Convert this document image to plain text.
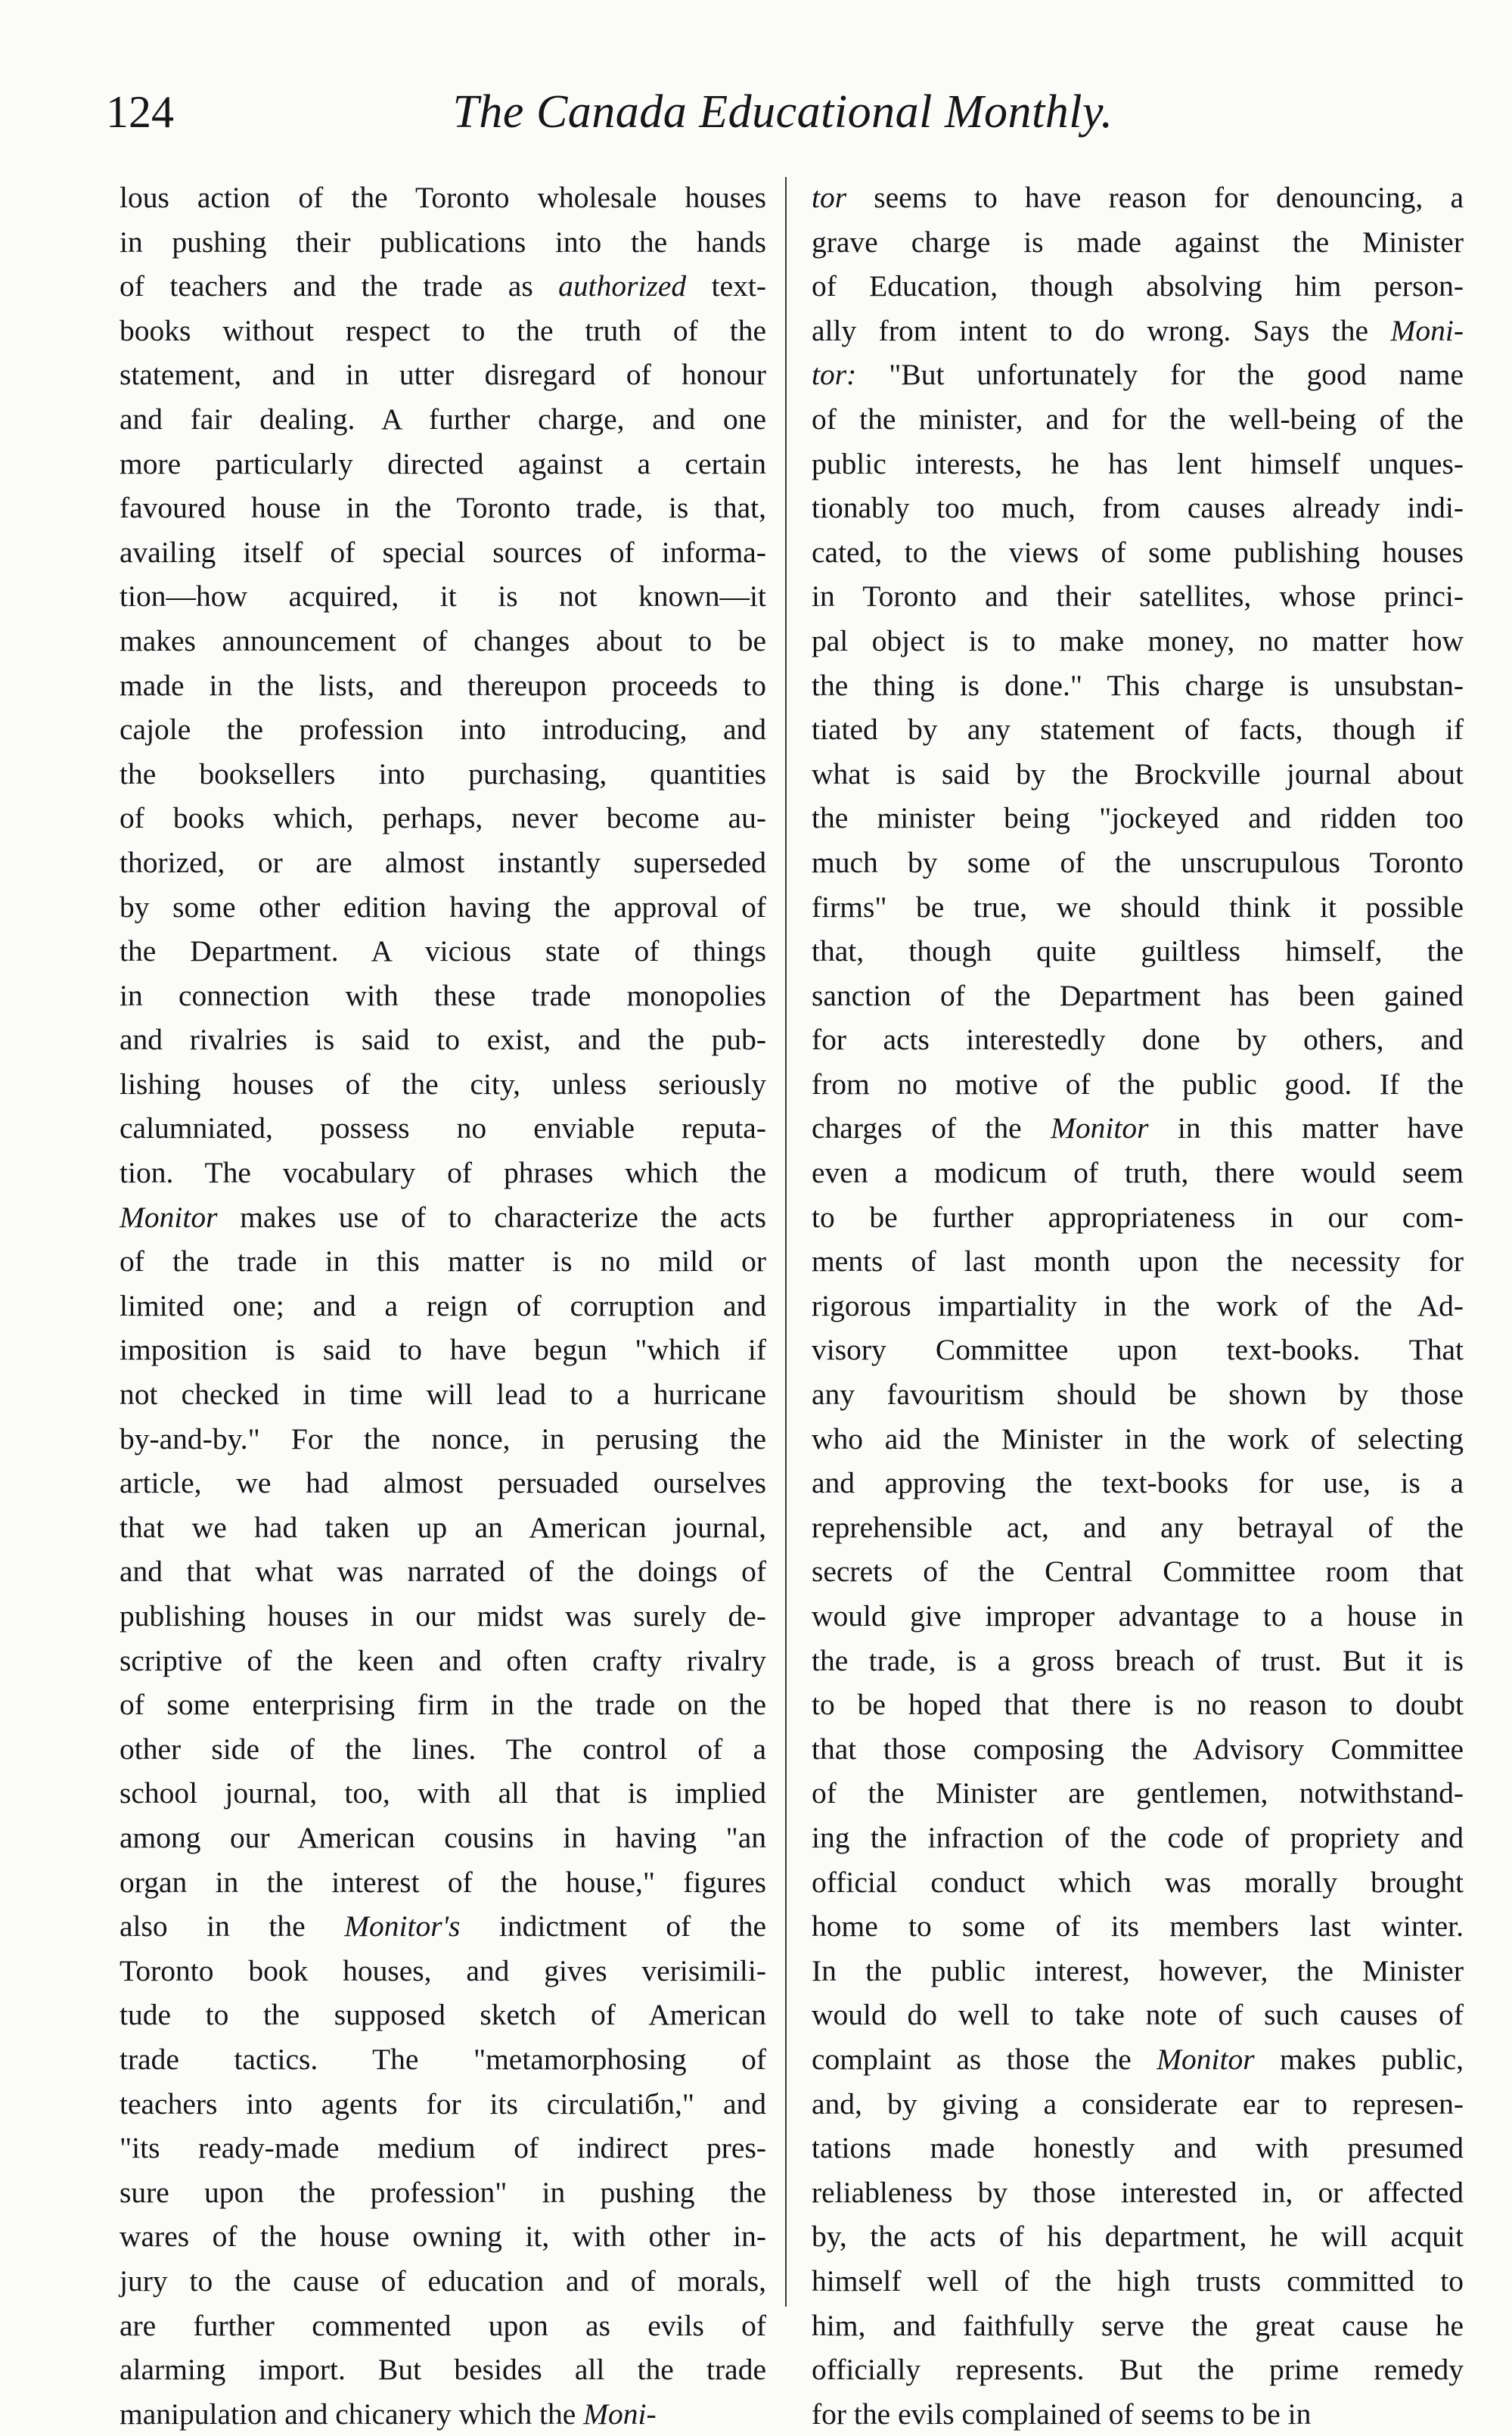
124	The Canada Educational Monthly.
lous action of the Toronto wholesale houses
in pushing their publications into the hands
of teachers and the trade as authorized text-
books without respect to the truth of the
statement, and in utter disregard of honour
and fair dealing. A further charge, and one
more particularly directed against a certain
favoured house in the Toronto trade, is that,
availing itself of special sources of informa-
tion—how acquired, it is not known—it
makes announcement of changes about to be
made in the lists, and thereupon proceeds to
cajole the profession into introducing, and
the booksellers into purchasing, quantities
of books which, perhaps, never become au-
thorized, or are almost instantly superseded
by some other edition having the approval of
the Department. A vicious state of things
in connection with these trade monopolies
and rivalries is said to exist, and the pub-
lishing houses of the city, unless seriously
calumniated, possess no enviable reputa-
tion. The vocabulary of phrases which the
Monitor makes use of to characterize the acts
of the trade in this matter is no mild or
limited one; and a reign of corruption and
imposition is said to have begun "which if
not checked in time will lead to a hurricane
by-and-by." For the nonce, in perusing the
article, we had almost persuaded ourselves
that we had taken up an American journal,
and that what was narrated of the doings of
publishing houses in our midst was surely de-
scriptive of the keen and often crafty rivalry
of some enterprising firm in the trade on the
other side of the lines. The control of a
school journal, too, with all that is implied
among our American cousins in having "an
organ in the interest of the house," figures
also in the Monitor's indictment of the
Toronto book houses, and gives verisimili-
tude to the supposed sketch of American
trade tactics. The "metamorphosing of
teachers into agents for its circulatiбn," and
"its ready-made medium of indirect pres-
sure upon the profession" in pushing the
wares of the house owning it, with other in-
jury to the cause of education and of morals,
are further commented upon as evils of
alarming import. But besides all the trade
manipulation and chicanery which the Moni-
tor seems to have reason for denouncing, a
grave charge is made against the Minister
of Education, though absolving him person-
ally from intent to do wrong. Says the Moni-
tor: "But unfortunately for the good name
of the minister, and for the well-being of the
public interests, he has lent himself unques-
tionably too much, from causes already indi-
cated, to the views of some publishing houses
in Toronto and their satellites, whose princi-
pal object is to make money, no matter how
the thing is done." This charge is unsubstan-
tiated by any statement of facts, though if
what is said by the Brockville journal about
the minister being "jockeyed and ridden too
much by some of the unscrupulous Toronto
firms" be true, we should think it possible
that, though quite guiltless himself, the
sanction of the Department has been gained
for acts interestedly done by others, and
from no motive of the public good. If the
charges of the Monitor in this matter have
even a modicum of truth, there would seem
to be further appropriateness in our com-
ments of last month upon the necessity for
rigorous impartiality in the work of the Ad-
visory Committee upon text-books. That
any favouritism should be shown by those
who aid the Minister in the work of selecting
and approving the text-books for use, is a
reprehensible act, and any betrayal of the
secrets of the Central Committee room that
would give improper advantage to a house in
the trade, is a gross breach of trust. But it is
to be hoped that there is no reason to doubt
that those composing the Advisory Committee
of the Minister are gentlemen, notwithstand-
ing the infraction of the code of propriety and
official conduct which was morally brought
home to some of its members last winter.
In the public interest, however, the Minister
would do well to take note of such causes of
complaint as those the Monitor makes public,
and, by giving a considerate ear to represen-
tations made honestly and with presumed
reliableness by those interested in, or affected
by, the acts of his department, he will acquit
himself well of the high trusts committed to
him, and faithfully serve the great cause he
officially represents. But the prime remedy
for the evils complained of seems to be in
